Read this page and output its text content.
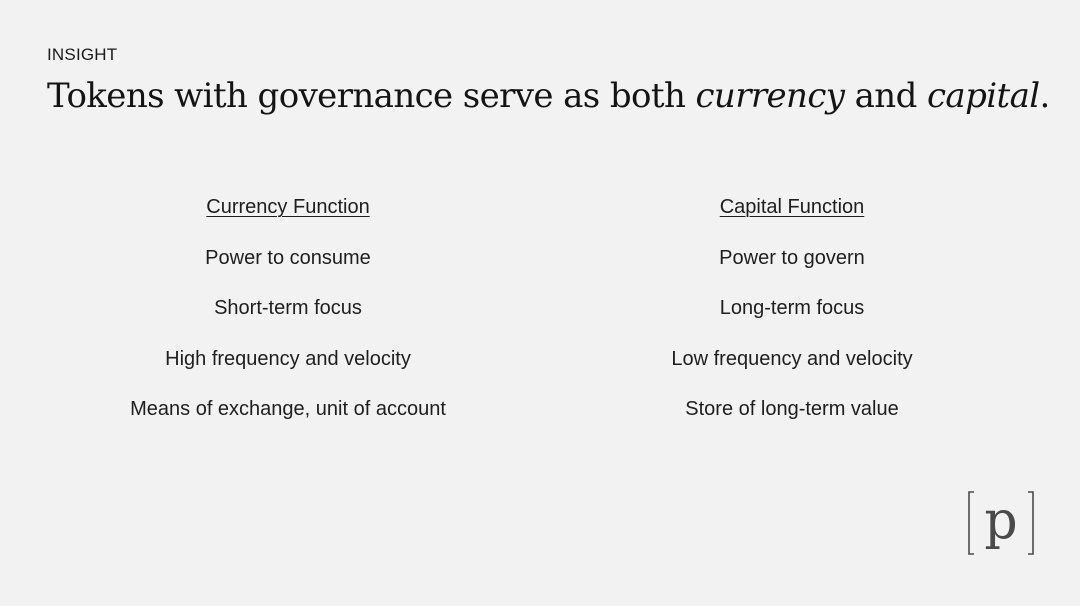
INSIGHT
Tokens with governance serve as both currency and capital.
Currency Function
Power to consume
Short-term focus
High frequency and velocity
Means of exchange, unit of account
Capital Function
Power to govern
Long-term focus
Low frequency and velocity
Store of long-term value
p
